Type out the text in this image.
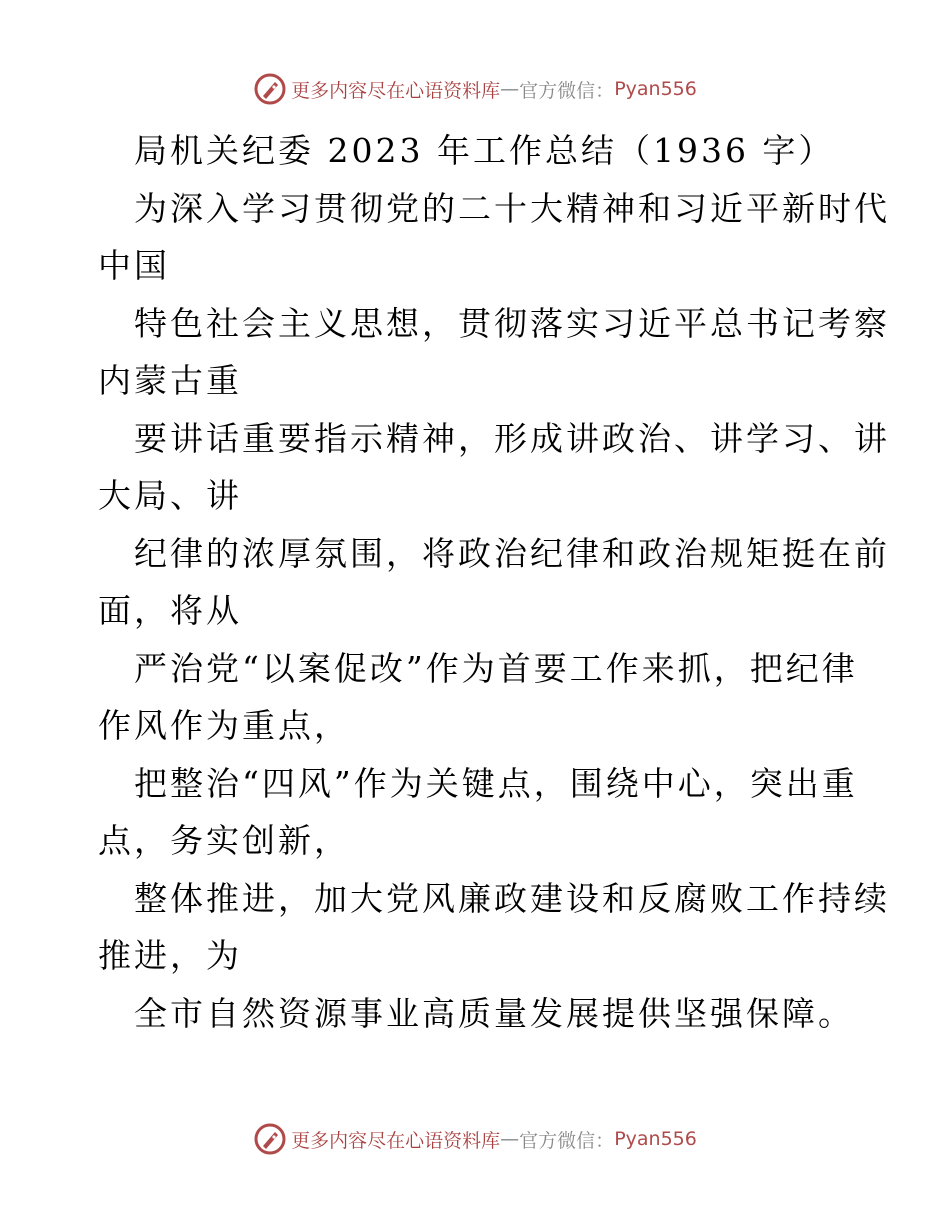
更多内容尽在心语资料库 — 官方微信： Pyan556

局机关纪委 2023 年工作总结（1936 字）

为深入学习贯彻党的二十大精神和习近平新时代

中国

特色社会主义思想，贯彻落实习近平总书记考察

内蒙古重

要讲话重要指示精神，形成讲政治、讲学习、讲

大局、讲

纪律的浓厚氛围，将政治纪律和政治规矩挺在前

面，将从

严治党“以案促改”作为首要工作来抓，把纪律

作风作为重点，

把整治“四风”作为关键点，围绕中心，突出重

点，务实创新，

整体推进，加大党风廉政建设和反腐败工作持续

推进，为

全市自然资源事业高质量发展提供坚强保障。

更多内容尽在心语资料库 — 官方微信： Pyan556
